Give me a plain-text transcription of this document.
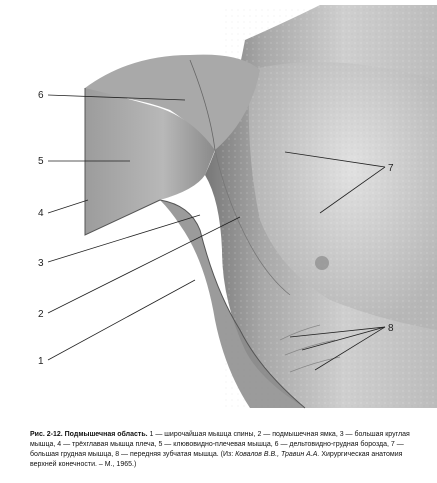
6
5
4
3
2
1
7
8
Рис. 2-12. Подмышечная область. 1 — широчайшая мышца спины, 2 — подмышечная ямка, 3 — большая круглая мышца, 4 — трёхглавая мышца плеча, 5 — клювовидно-плечевая мышца, 6 — дельтовидно-грудная борозда, 7 — большая грудная мышца, 8 — передняя зубчатая мышца. (Из: Ковалов В.В., Травин А.А. Хирургическая анатомия верхней конечности. – М., 1965.)
